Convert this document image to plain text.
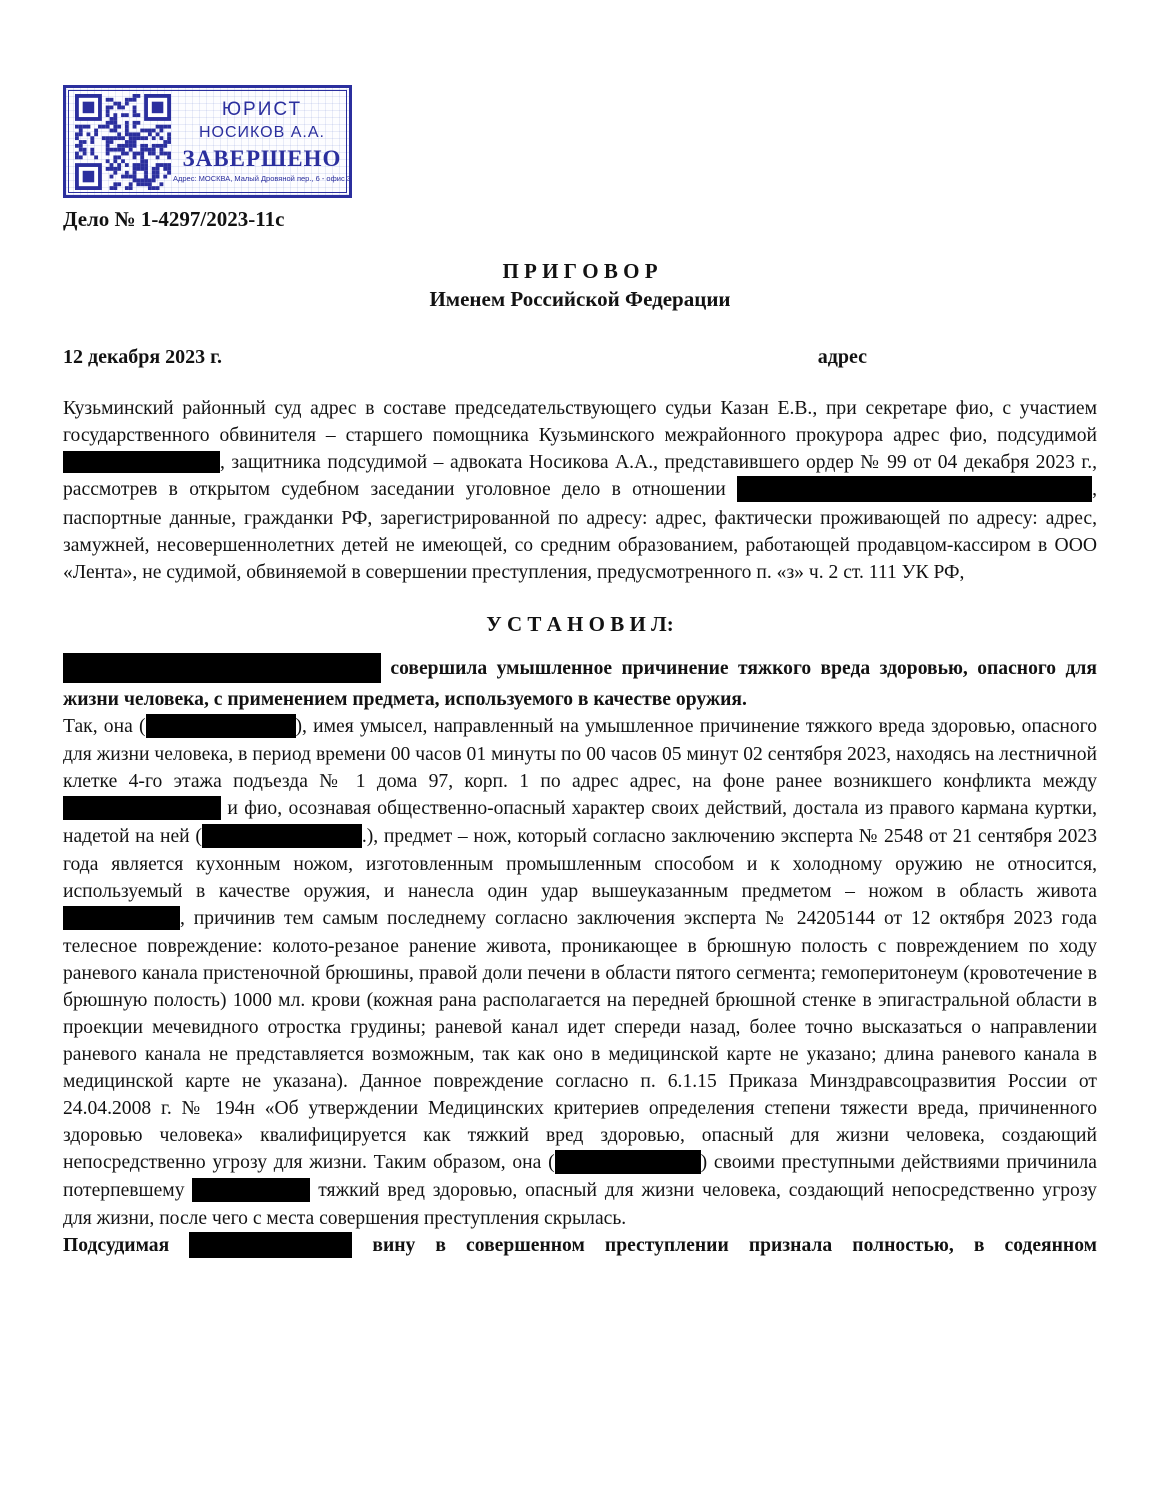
ЮРИСТ
НОСИКОВ А.А.
ЗАВЕРШЕНО
Адрес: МОСКВА, Малый Дровяной пер., 6 - офис 3
Дело № 1-4297/2023-11с
П Р И Г О В О Р
Именем Российской Федерации
12 декабря 2023 г.	адрес

Кузьминский районный суд адрес в составе председательствующего судьи Казан Е.В., при секретаре фио, с участием государственного обвинителя – старшего помощника Кузьминского межрайонного прокурора адрес фио, подсудимой , защитника подсудимой – адвоката Носикова А.А., представившего ордер № 99 от 04 декабря 2023 г., рассмотрев в открытом судебном заседании уголовное дело в отношении	, паспортные данные, гражданки РФ, зарегистрированной по адресу: адрес, фактически проживающей по адресу: адрес, замужней, несовершеннолетних детей не имеющей, со средним образованием, работающей продавцом-кассиром в ООО «Лента», не судимой, обвиняемой в совершении преступления, предусмотренного п. «з» ч. 2 ст. 111 УК РФ,

У С Т А Н О В И Л:

совершила умышленное причинение тяжкого вреда здоровью, опасного для жизни человека, с применением предмета, используемого в качестве оружия.

Так, она (	), имея умысел, направленный на умышленное причинение тяжкого вреда здоровью, опасного для жизни человека, в период времени 00 часов 01 минуты по 00 часов 05 минут 02 сентября 2023, находясь на лестничной клетке 4-го этажа подъезда № 1 дома 97, корп. 1 по адрес адрес, на фоне ранее возникшего конфликта между  и фио, осознавая общественно-опасный характер своих действий, достала из правого кармана куртки, надетой на ней (	.), предмет – нож, который согласно заключению эксперта № 2548 от 21 сентября 2023 года является кухонным ножом, изготовленным промышленным способом и к холодному оружию не относится, используемый в качестве оружия, и нанесла один удар вышеуказанным предметом – ножом в область живота , причинив тем самым последнему согласно заключения эксперта № 24205144 от 12 октября 2023 года телесное повреждение: колото-резаное ранение живота, проникающее в брюшную полость с повреждением по ходу раневого канала пристеночной брюшины, правой доли печени в области пятого сегмента; гемоперитонеум (кровотечение в брюшную полость) 1000 мл. крови (кожная рана располагается на передней брюшной стенке в эпигастральной области в проекции мечевидного отростка грудины; раневой канал идет спереди назад, более точно высказаться о направлении раневого канала не представляется возможным, так как оно в медицинской карте не указано; длина раневого канала в медицинской карте не указана). Данное повреждение согласно п. 6.1.15 Приказа Минздравсоцразвития России от 24.04.2008 г. № 194н «Об утверждении Медицинских критериев определения степени тяжести вреда, причиненного здоровью человека» квалифицируется как тяжкий вред здоровью, опасный для жизни человека, создающий непосредственно угрозу для жизни. Таким образом, она (	) своими преступными действиями причинила потерпевшему	тяжкий вред здоровью, опасный для жизни человека, создающий непосредственно угрозу для жизни, после чего с места совершения преступления скрылась.

Подсудимая	вину в совершенном преступлении признала полностью, в содеянном
